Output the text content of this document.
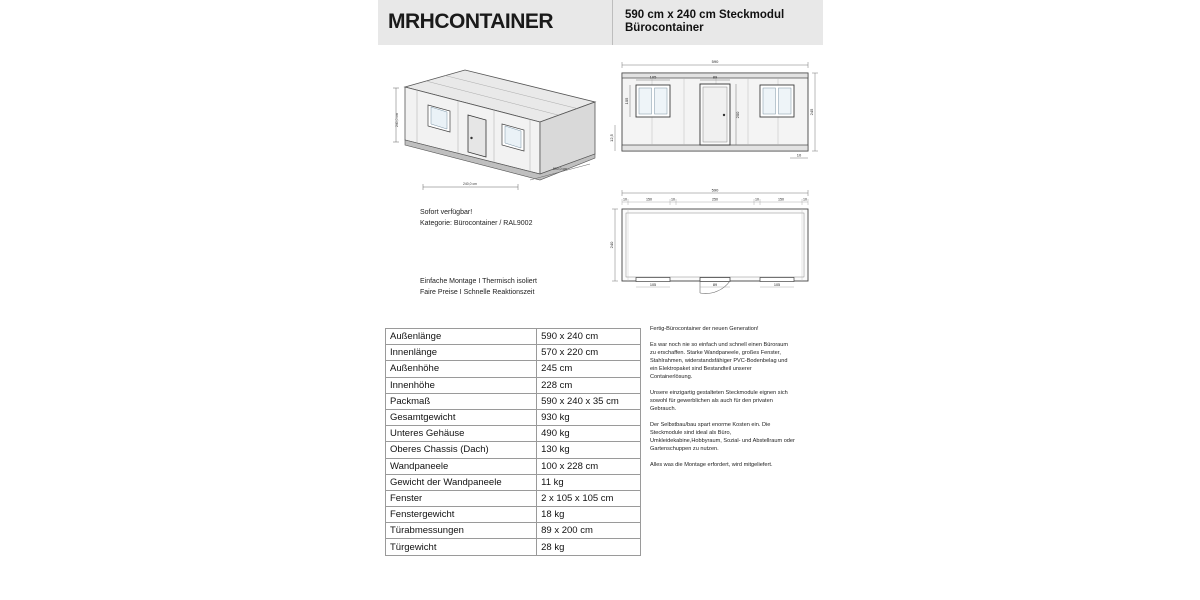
MRHCONTAINER	590 cm x 240 cm Steckmodul
Bürocontainer
240,0 cm
240,0 cm
590,0 cm
590
105	89
105
200	245
12,5
10
590
10	150	10	250	10	150	10
240
105	89	105
Sofort verfügbar!
Kategorie: Bürocontainer / RAL9002
Einfache Montage I Thermisch isoliert
Faire Preise I Schnelle Reaktionszeit
Außenlänge	590 x 240 cm
Innenlänge	570 x 220 cm
Außenhöhe	245 cm
Innenhöhe	228 cm
Packmaß	590 x 240 x 35 cm
Gesamtgewicht	930 kg
Unteres Gehäuse	490 kg
Oberes Chassis (Dach)	130 kg
Wandpaneele	100 x 228 cm
Gewicht der Wandpaneele	11 kg
Fenster	2 x 105 x 105 cm
Fenstergewicht	18 kg
Türabmessungen	89 x 200 cm
Türgewicht	28 kg

Fertig-Bürocontainer der neuen Generation!

Es war noch nie so einfach und schnell einen Büroraum zu erschaffen. Starke Wandpaneele, großes Fenster, Stahlrahmen, widerstandsfähiger PVC-Bodenbelag und ein Elektropaket sind Bestandteil unserer Containerlösung.

Unsere einzigartig gestalteten Steckmodule eignen sich sowohl für gewerblichen als auch für den privaten Gebrauch.

Der Selbstbau/bau spart enorme Kosten ein. Die Steckmodule sind ideal als Büro, Umkleidekabine,Hobbyraum, Sozial- und Abstellraum oder Gartenschuppen zu nutzen.

Alles was die Montage erfordert, wird mitgeliefert.
